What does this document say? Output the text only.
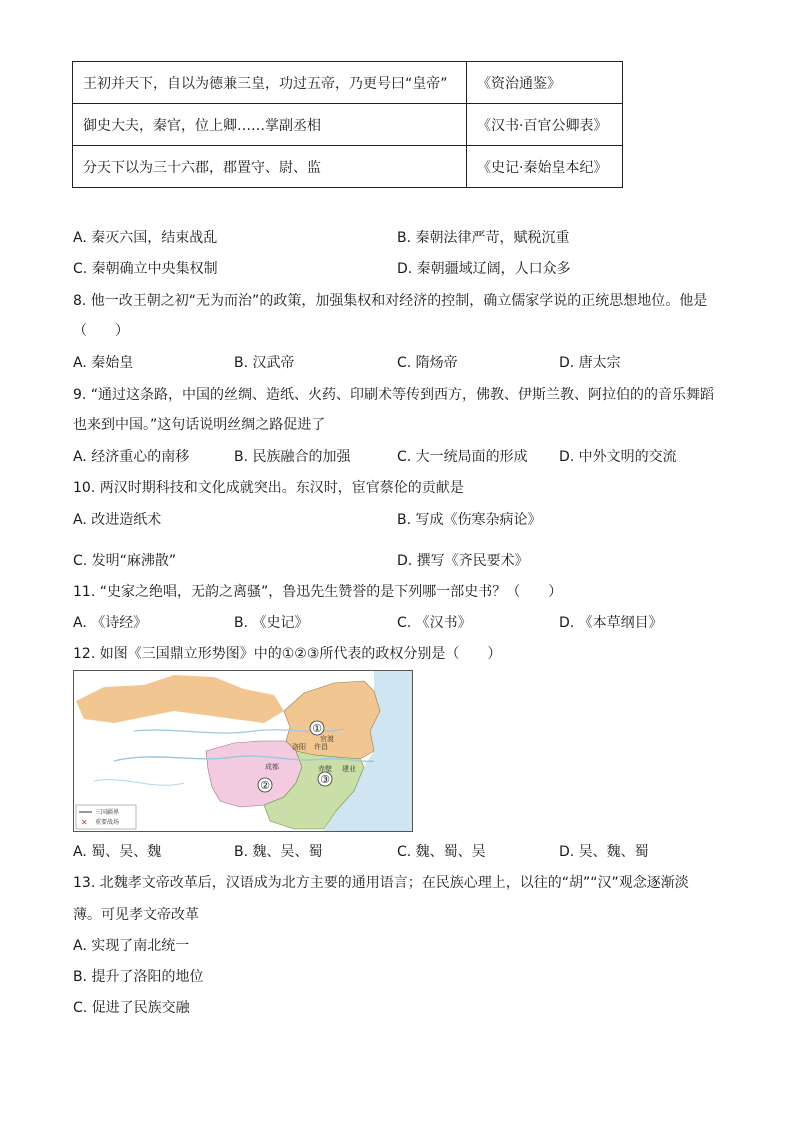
王初并天下，自以为德兼三皇，功过五帝，乃更号曰“皇帝”	《资治通鉴》
御史大夫，秦官，位上卿……掌副丞相	《汉书·百官公卿表》
分天下以为三十六郡，郡置守、尉、监	《史记·秦始皇本纪》
A. 秦灭六国，结束战乱	B. 秦朝法律严苛，赋税沉重
C. 秦朝确立中央集权制	D. 秦朝疆域辽阔，人口众多
8. 他一改王朝之初“无为而治”的政策，加强集权和对经济的控制，确立儒家学说的正统思想地位。他是
（　　）
A. 秦始皇	B. 汉武帝	C. 隋炀帝	D. 唐太宗
9. “通过这条路，中国的丝绸、造纸、火药、印刷术等传到西方，佛教、伊斯兰教、阿拉伯的的音乐舞蹈
也来到中国。”这句话说明丝绸之路促进了
A. 经济重心的南移	B. 民族融合的加强	C. 大一统局面的形成 D. 中外文明的交流
10. 两汉时期科技和文化成就突出。东汉时，宦官蔡伦的贡献是
A. 改进造纸术	B. 写成《伤寒杂病论》
C. 发明“麻沸散”	D. 撰写《齐民要术》
11. “史家之绝唱，无韵之离骚”，鲁迅先生赞誉的是下列哪一部史书？（　　）
A. 《诗经》	B. 《史记》	C. 《汉书》	D. 《本草纲目》
12. 如图《三国鼎立形势图》中的①②③所代表的政权分别是（　　）
①
②	③
洛阳 许昌
官渡
成都	建业
赤壁
三国疆界
✕ 重要战场
A. 蜀、吴、魏	B. 魏、吴、蜀	C. 魏、蜀、吴	D. 吴、魏、蜀
13. 北魏孝文帝改革后，汉语成为北方主要的通用语言；在民族心理上，以往的“胡”“汉”观念逐渐淡
薄。可见孝文帝改革
A. 实现了南北统一
B. 提升了洛阳的地位
C. 促进了民族交融
